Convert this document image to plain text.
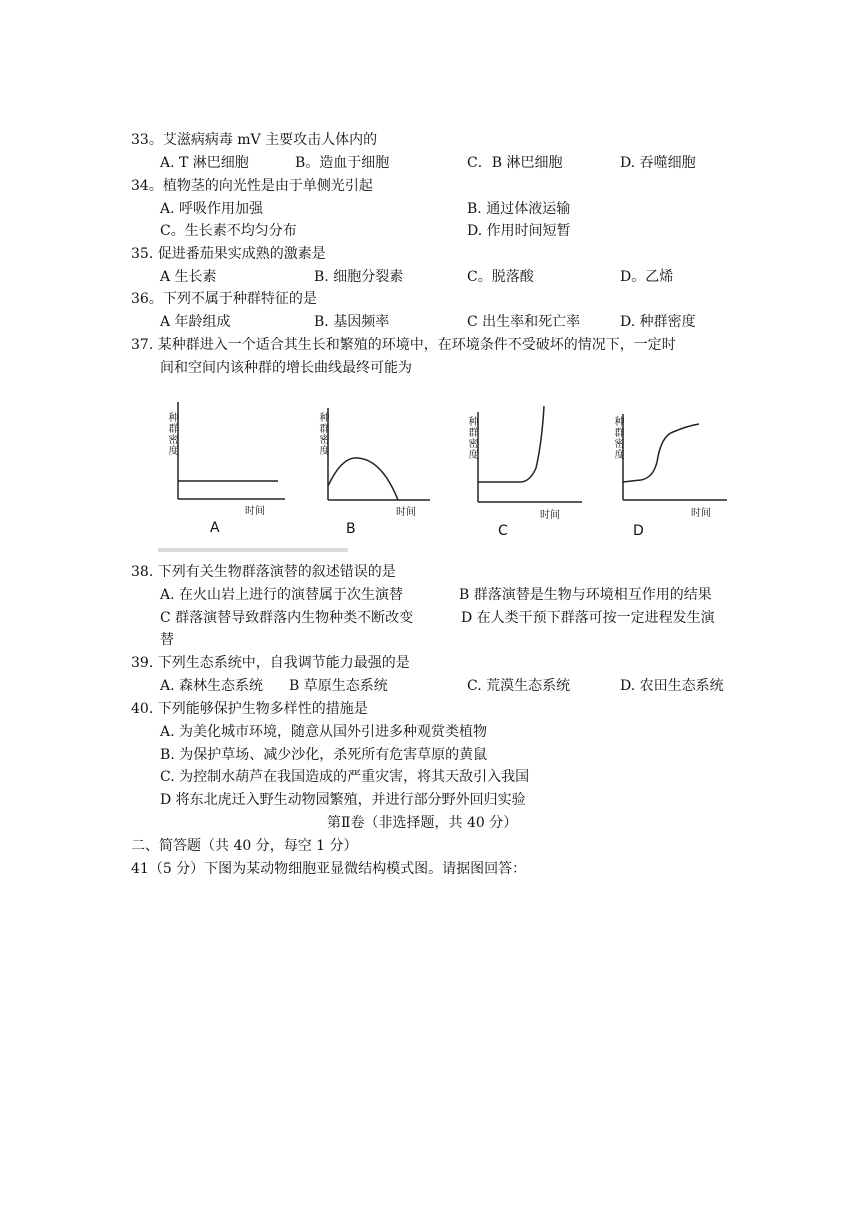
33。艾滋病病毒 mV 主要攻击人体内的
A. T 淋巴细胞	B。造血于细胞	C．B 淋巴细胞	D. 吞噬细胞
34。植物茎的向光性是由于单侧光引起
A. 呼吸作用加强	B. 通过体液运输
C。生长素不均匀分布	D. 作用时间短暂
35. 促进番茄果实成熟的激素是
A 生长素	B. 细胞分裂素	C。脱落酸	D。乙烯
36。下列不属于种群特征的是
A 年龄组成	B. 基因频率	C 出生率和死亡率	D. 种群密度
37. 某种群进入一个适合其生长和繁殖的环境中，在环境条件不受破坏的情况下，一定时
间和空间内该种群的增长曲线最终可能为
种群密度
时间
A
种群密度
时间
B
种群密度
时间
C
种群密度
时间
D
38. 下列有关生物群落演替的叙述错误的是
A. 在火山岩上进行的演替属于次生演替	B 群落演替是生物与环境相互作用的结果
C 群落演替导致群落内生物种类不断改变	D 在人类干预下群落可按一定进程发生演
替
39. 下列生态系统中，自我调节能力最强的是
A. 森林生态系统 B 草原生态系统	C. 荒漠生态系统	D. 农田生态系统
40. 下列能够保护生物多样性的措施是
A. 为美化城市环境，随意从国外引进多种观赏类植物
B. 为保护草场、减少沙化，杀死所有危害草原的黄鼠
C. 为控制水葫芦在我国造成的严重灾害，将其天敌引入我国
D 将东北虎迁入野生动物园繁殖，并进行部分野外回归实验
第Ⅱ卷（非选择题，共 40 分）
二、简答题（共 40 分，每空 1 分）
41（5 分）下图为某动物细胞亚显微结构模式图。请据图回答：
